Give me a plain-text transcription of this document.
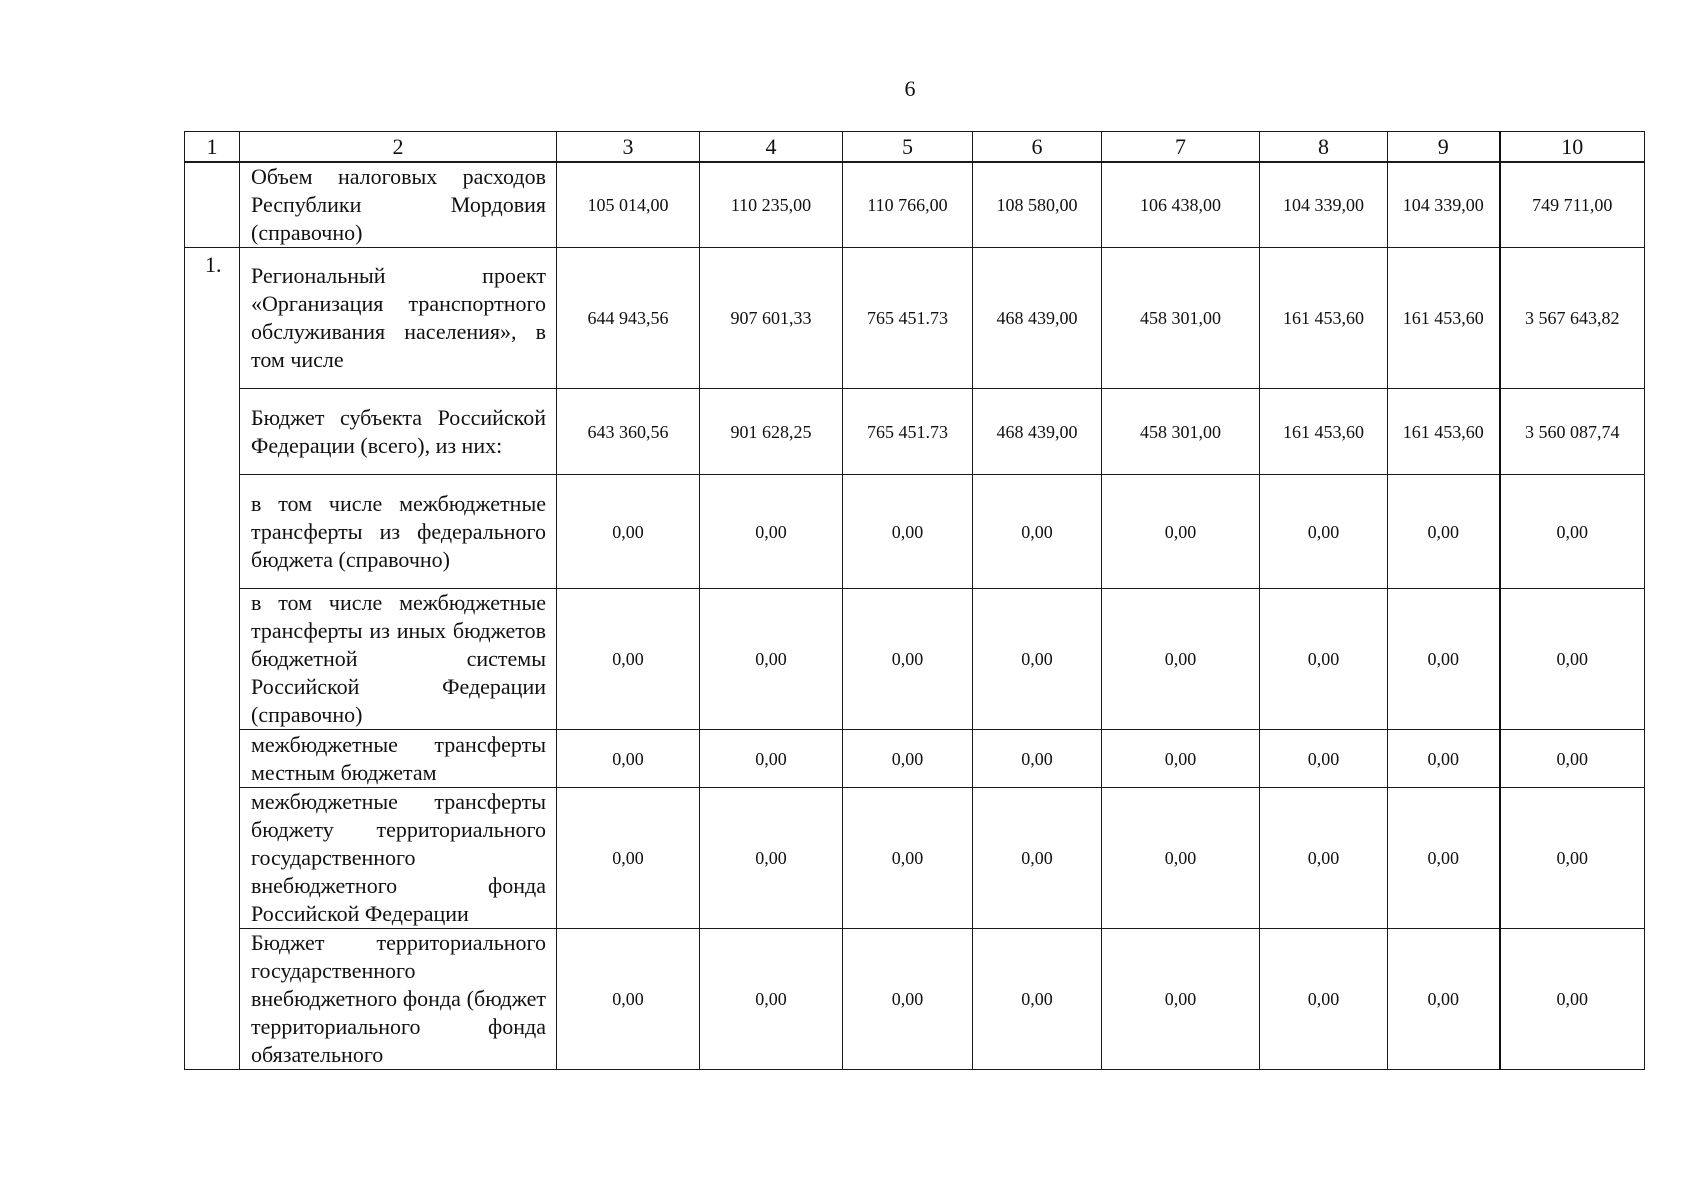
6
1	2	3	4	5	6	7	8	9	10
	Объем налоговых расходов Республики Мордовия (справочно)	105 014,00	110 235,00	110 766,00	108 580,00	106 438,00	104 339,00	104 339,00	749 711,00
1.	Региональный проект «Организация транспортного обслуживания населения», в том числе	644 943,56	907 601,33	765 451.73	468 439,00	458 301,00	161 453,60	161 453,60	3 567 643,82
	Бюджет субъекта Российской Федерации (всего), из них:	643 360,56	901 628,25	765 451.73	468 439,00	458 301,00	161 453,60	161 453,60	3 560 087,74
	в том числе межбюджетные трансферты из федерального бюджета (справочно)	0,00	0,00	0,00	0,00	0,00	0,00	0,00	0,00
	в том числе межбюджетные трансферты из иных бюджетов бюджетной системы Российской Федерации (справочно)	0,00	0,00	0,00	0,00	0,00	0,00	0,00	0,00
	межбюджетные трансферты местным бюджетам	0,00	0,00	0,00	0,00	0,00	0,00	0,00	0,00
	межбюджетные трансферты бюджету территориального государственного внебюджетного фонда Российской Федерации	0,00	0,00	0,00	0,00	0,00	0,00	0,00	0,00
	Бюджет территориального государственного внебюджетного фонда (бюджет территориального фонда обязательного	0,00	0,00	0,00	0,00	0,00	0,00	0,00	0,00
